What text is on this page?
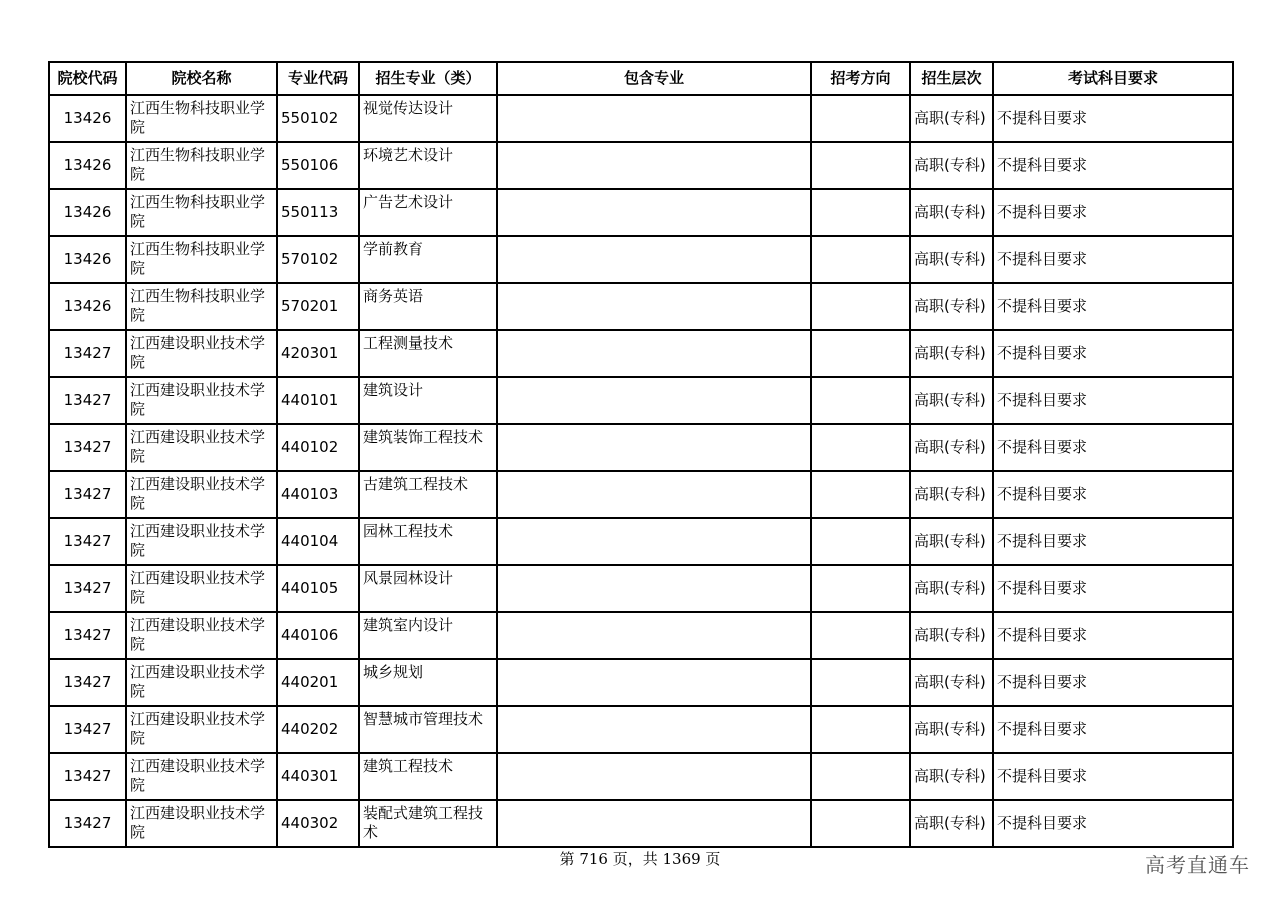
院校代码	院校名称	专业代码	招生专业（类）	包含专业	招考方向	招生层次	考试科目要求
13426	江西生物科技职业学院	550102	视觉传达设计			高职(专科)	不提科目要求
13426	江西生物科技职业学院	550106	环境艺术设计			高职(专科)	不提科目要求
13426	江西生物科技职业学院	550113	广告艺术设计			高职(专科)	不提科目要求
13426	江西生物科技职业学院	570102	学前教育			高职(专科)	不提科目要求
13426	江西生物科技职业学院	570201	商务英语			高职(专科)	不提科目要求
13427	江西建设职业技术学院	420301	工程测量技术			高职(专科)	不提科目要求
13427	江西建设职业技术学院	440101	建筑设计			高职(专科)	不提科目要求
13427	江西建设职业技术学院	440102	建筑装饰工程技术			高职(专科)	不提科目要求
13427	江西建设职业技术学院	440103	古建筑工程技术			高职(专科)	不提科目要求
13427	江西建设职业技术学院	440104	园林工程技术			高职(专科)	不提科目要求
13427	江西建设职业技术学院	440105	风景园林设计			高职(专科)	不提科目要求
13427	江西建设职业技术学院	440106	建筑室内设计			高职(专科)	不提科目要求
13427	江西建设职业技术学院	440201	城乡规划			高职(专科)	不提科目要求
13427	江西建设职业技术学院	440202	智慧城市管理技术			高职(专科)	不提科目要求
13427	江西建设职业技术学院	440301	建筑工程技术			高职(专科)	不提科目要求
13427	江西建设职业技术学院	440302	装配式建筑工程技术			高职(专科)	不提科目要求
第 716 页，共 1369 页	高考直通车
